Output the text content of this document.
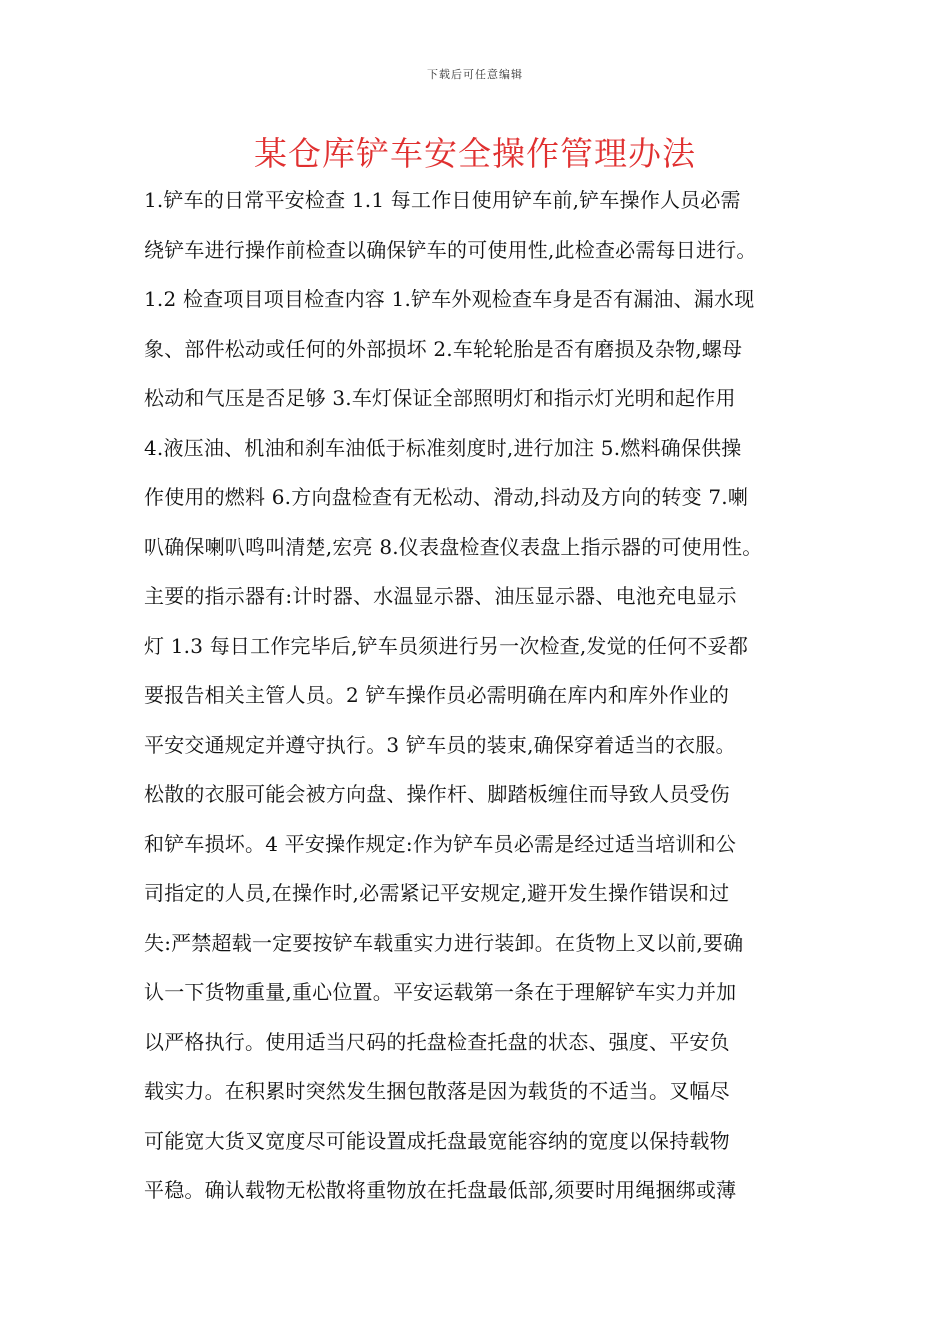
下载后可任意编辑
某仓库铲车安全操作管理办法
1.铲车的日常平安检查 1.1 每工作日使用铲车前,铲车操作人员必需
绕铲车进行操作前检查以确保铲车的可使用性,此检查必需每日进行。
1.2 检查项目项目检查内容 1.铲车外观检查车身是否有漏油、漏水现
象、部件松动或任何的外部损坏 2.车轮轮胎是否有磨损及杂物,螺母
松动和气压是否足够 3.车灯保证全部照明灯和指示灯光明和起作用
4.液压油、机油和刹车油低于标准刻度时,进行加注 5.燃料确保供操
作使用的燃料 6.方向盘检查有无松动、滑动,抖动及方向的转变 7.喇
叭确保喇叭鸣叫清楚,宏亮 8.仪表盘检查仪表盘上指示器的可使用性。
主要的指示器有:计时器、水温显示器、油压显示器、电池充电显示
灯 1.3 每日工作完毕后,铲车员须进行另一次检查,发觉的任何不妥都
要报告相关主管人员。2 铲车操作员必需明确在库内和库外作业的
平安交通规定并遵守执行。3 铲车员的装束,确保穿着适当的衣服。
松散的衣服可能会被方向盘、操作杆、脚踏板缠住而导致人员受伤
和铲车损坏。4 平安操作规定:作为铲车员必需是经过适当培训和公
司指定的人员,在操作时,必需紧记平安规定,避开发生操作错误和过
失:严禁超载一定要按铲车载重实力进行装卸。在货物上叉以前,要确
认一下货物重量,重心位置。平安运载第一条在于理解铲车实力并加
以严格执行。使用适当尺码的托盘检查托盘的状态、强度、平安负
载实力。在积累时突然发生捆包散落是因为载货的不适当。叉幅尽
可能宽大货叉宽度尽可能设置成托盘最宽能容纳的宽度以保持载物
平稳。确认载物无松散将重物放在托盘最低部,须要时用绳捆绑或薄
